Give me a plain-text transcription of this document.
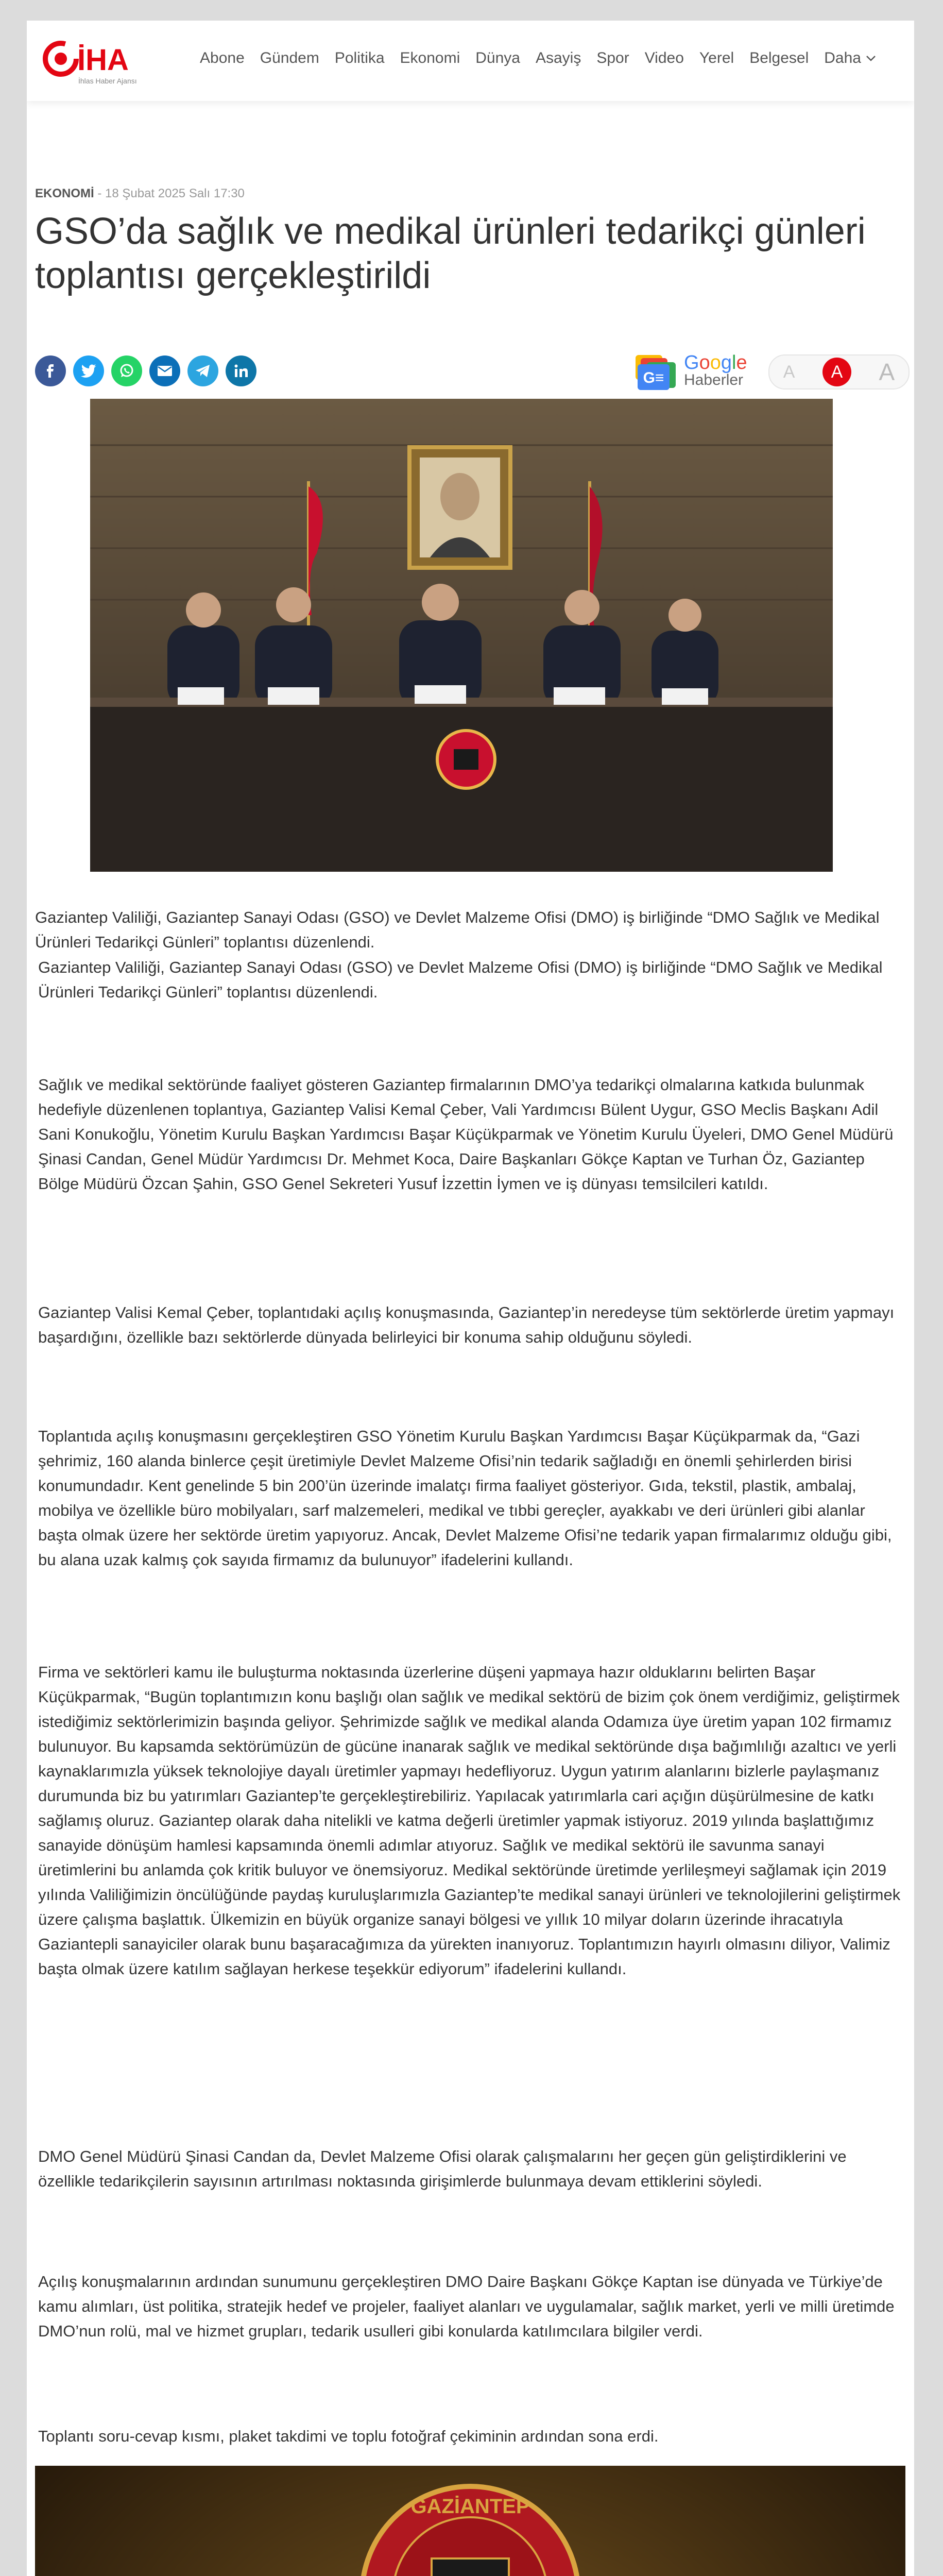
İHA
İhlas Haber Ajansı
Abone Gündem Politika Ekonomi Dünya Asayiş Spor Video Yerel Belgesel Daha
EKONOMİ - 18 Şubat 2025 Salı 17:30
GSO’da sağlık ve medikal ürünleri tedarikçi günleri toplantısı gerçekleştirildi
G≡
Google
Haberler A	A	A

Gaziantep Valiliği, Gaziantep Sanayi Odası (GSO) ve Devlet Malzeme Ofisi (DMO) iş birliğinde “DMO Sağlık ve Medikal Ürünleri Tedarikçi Günleri” toplantısı düzenlendi.

Gaziantep Valiliği, Gaziantep Sanayi Odası (GSO) ve Devlet Malzeme Ofisi (DMO) iş birliğinde “DMO Sağlık ve Medikal Ürünleri Tedarikçi Günleri” toplantısı düzenlendi.

Sağlık ve medikal sektöründe faaliyet gösteren Gaziantep firmalarının DMO’ya tedarikçi olmalarına katkıda bulunmak hedefiyle düzenlenen toplantıya, Gaziantep Valisi Kemal Çeber, Vali Yardımcısı Bülent Uygur, GSO Meclis Başkanı Adil Sani Konukoğlu, Yönetim Kurulu Başkan Yardımcısı Başar Küçükparmak ve Yönetim Kurulu Üyeleri, DMO Genel Müdürü Şinasi Candan, Genel Müdür Yardımcısı Dr. Mehmet Koca, Daire Başkanları Gökçe Kaptan ve Turhan Öz, Gaziantep Bölge Müdürü Özcan Şahin, GSO Genel Sekreteri Yusuf İzzettin İymen ve iş dünyası temsilcileri katıldı.

Gaziantep Valisi Kemal Çeber, toplantıdaki açılış konuşmasında, Gaziantep’in neredeyse tüm sektörlerde üretim yapmayı başardığını, özellikle bazı sektörlerde dünyada belirleyici bir konuma sahip olduğunu söyledi.

Toplantıda açılış konuşmasını gerçekleştiren GSO Yönetim Kurulu Başkan Yardımcısı Başar Küçükparmak da, “Gazi şehrimiz, 160 alanda binlerce çeşit üretimiyle Devlet Malzeme Ofisi’nin tedarik sağladığı en önemli şehirlerden birisi konumundadır. Kent genelinde 5 bin 200’ün üzerinde imalatçı firma faaliyet gösteriyor. Gıda, tekstil, plastik, ambalaj, mobilya ve özellikle büro mobilyaları, sarf malzemeleri, medikal ve tıbbi gereçler, ayakkabı ve deri ürünleri gibi alanlar başta olmak üzere her sektörde üretim yapıyoruz. Ancak, Devlet Malzeme Ofisi’ne tedarik yapan firmalarımız olduğu gibi, bu alana uzak kalmış çok sayıda firmamız da bulunuyor” ifadelerini kullandı.

Firma ve sektörleri kamu ile buluşturma noktasında üzerlerine düşeni yapmaya hazır olduklarını belirten Başar Küçükparmak, “Bugün toplantımızın konu başlığı olan sağlık ve medikal sektörü de bizim çok önem verdiğimiz, geliştirmek istediğimiz sektörlerimizin başında geliyor. Şehrimizde sağlık ve medikal alanda Odamıza üye üretim yapan 102 firmamız bulunuyor. Bu kapsamda sektörümüzün de gücüne inanarak sağlık ve medikal sektöründe dışa bağımlılığı azaltıcı ve yerli kaynaklarımızla yüksek teknolojiye dayalı üretimler yapmayı hedefliyoruz. Uygun yatırım alanlarını bizlerle paylaşmanız durumunda biz bu yatırımları Gaziantep’te gerçekleştirebiliriz. Yapılacak yatırımlarla cari açığın düşürülmesine de katkı sağlamış oluruz. Gaziantep olarak daha nitelikli ve katma değerli üretimler yapmak istiyoruz. 2019 yılında başlattığımız sanayide dönüşüm hamlesi kapsamında önemli adımlar atıyoruz. Sağlık ve medikal sektörü ile savunma sanayi üretimlerini bu anlamda çok kritik buluyor ve önemsiyoruz. Medikal sektöründe üretimde yerlileşmeyi sağlamak için 2019 yılında Valiliğimizin öncülüğünde paydaş kuruluşlarımızla Gaziantep’te medikal sanayi ürünleri ve teknolojilerini geliştirmek üzere çalışma başlattık. Ülkemizin en büyük organize sanayi bölgesi ve yıllık 10 milyar doların üzerinde ihracatıyla Gaziantepli sanayiciler olarak bunu başaracağımıza da yürekten inanıyoruz. Toplantımızın hayırlı olmasını diliyor, Valimiz başta olmak üzere katılım sağlayan herkese teşekkür ediyorum” ifadelerini kullandı.

DMO Genel Müdürü Şinasi Candan da, Devlet Malzeme Ofisi olarak çalışmalarını her geçen gün geliştirdiklerini ve özellikle tedarikçilerin sayısının artırılması noktasında girişimlerde bulunmaya devam ettiklerini söyledi.

Açılış konuşmalarının ardından sunumunu gerçekleştiren DMO Daire Başkanı Gökçe Kaptan ise dünyada ve Türkiye’de kamu alımları, üst politika, stratejik hedef ve projeler, faaliyet alanları ve uygulamalar, sağlık market, yerli ve milli üretimde DMO’nun rolü, mal ve hizmet grupları, tedarik usulleri gibi konularda katılımcılara bilgiler verdi.

Toplantı soru-cevap kısmı, plaket takdimi ve toplu fotoğraf çekiminin ardından sona erdi.

GAZİANTEP
